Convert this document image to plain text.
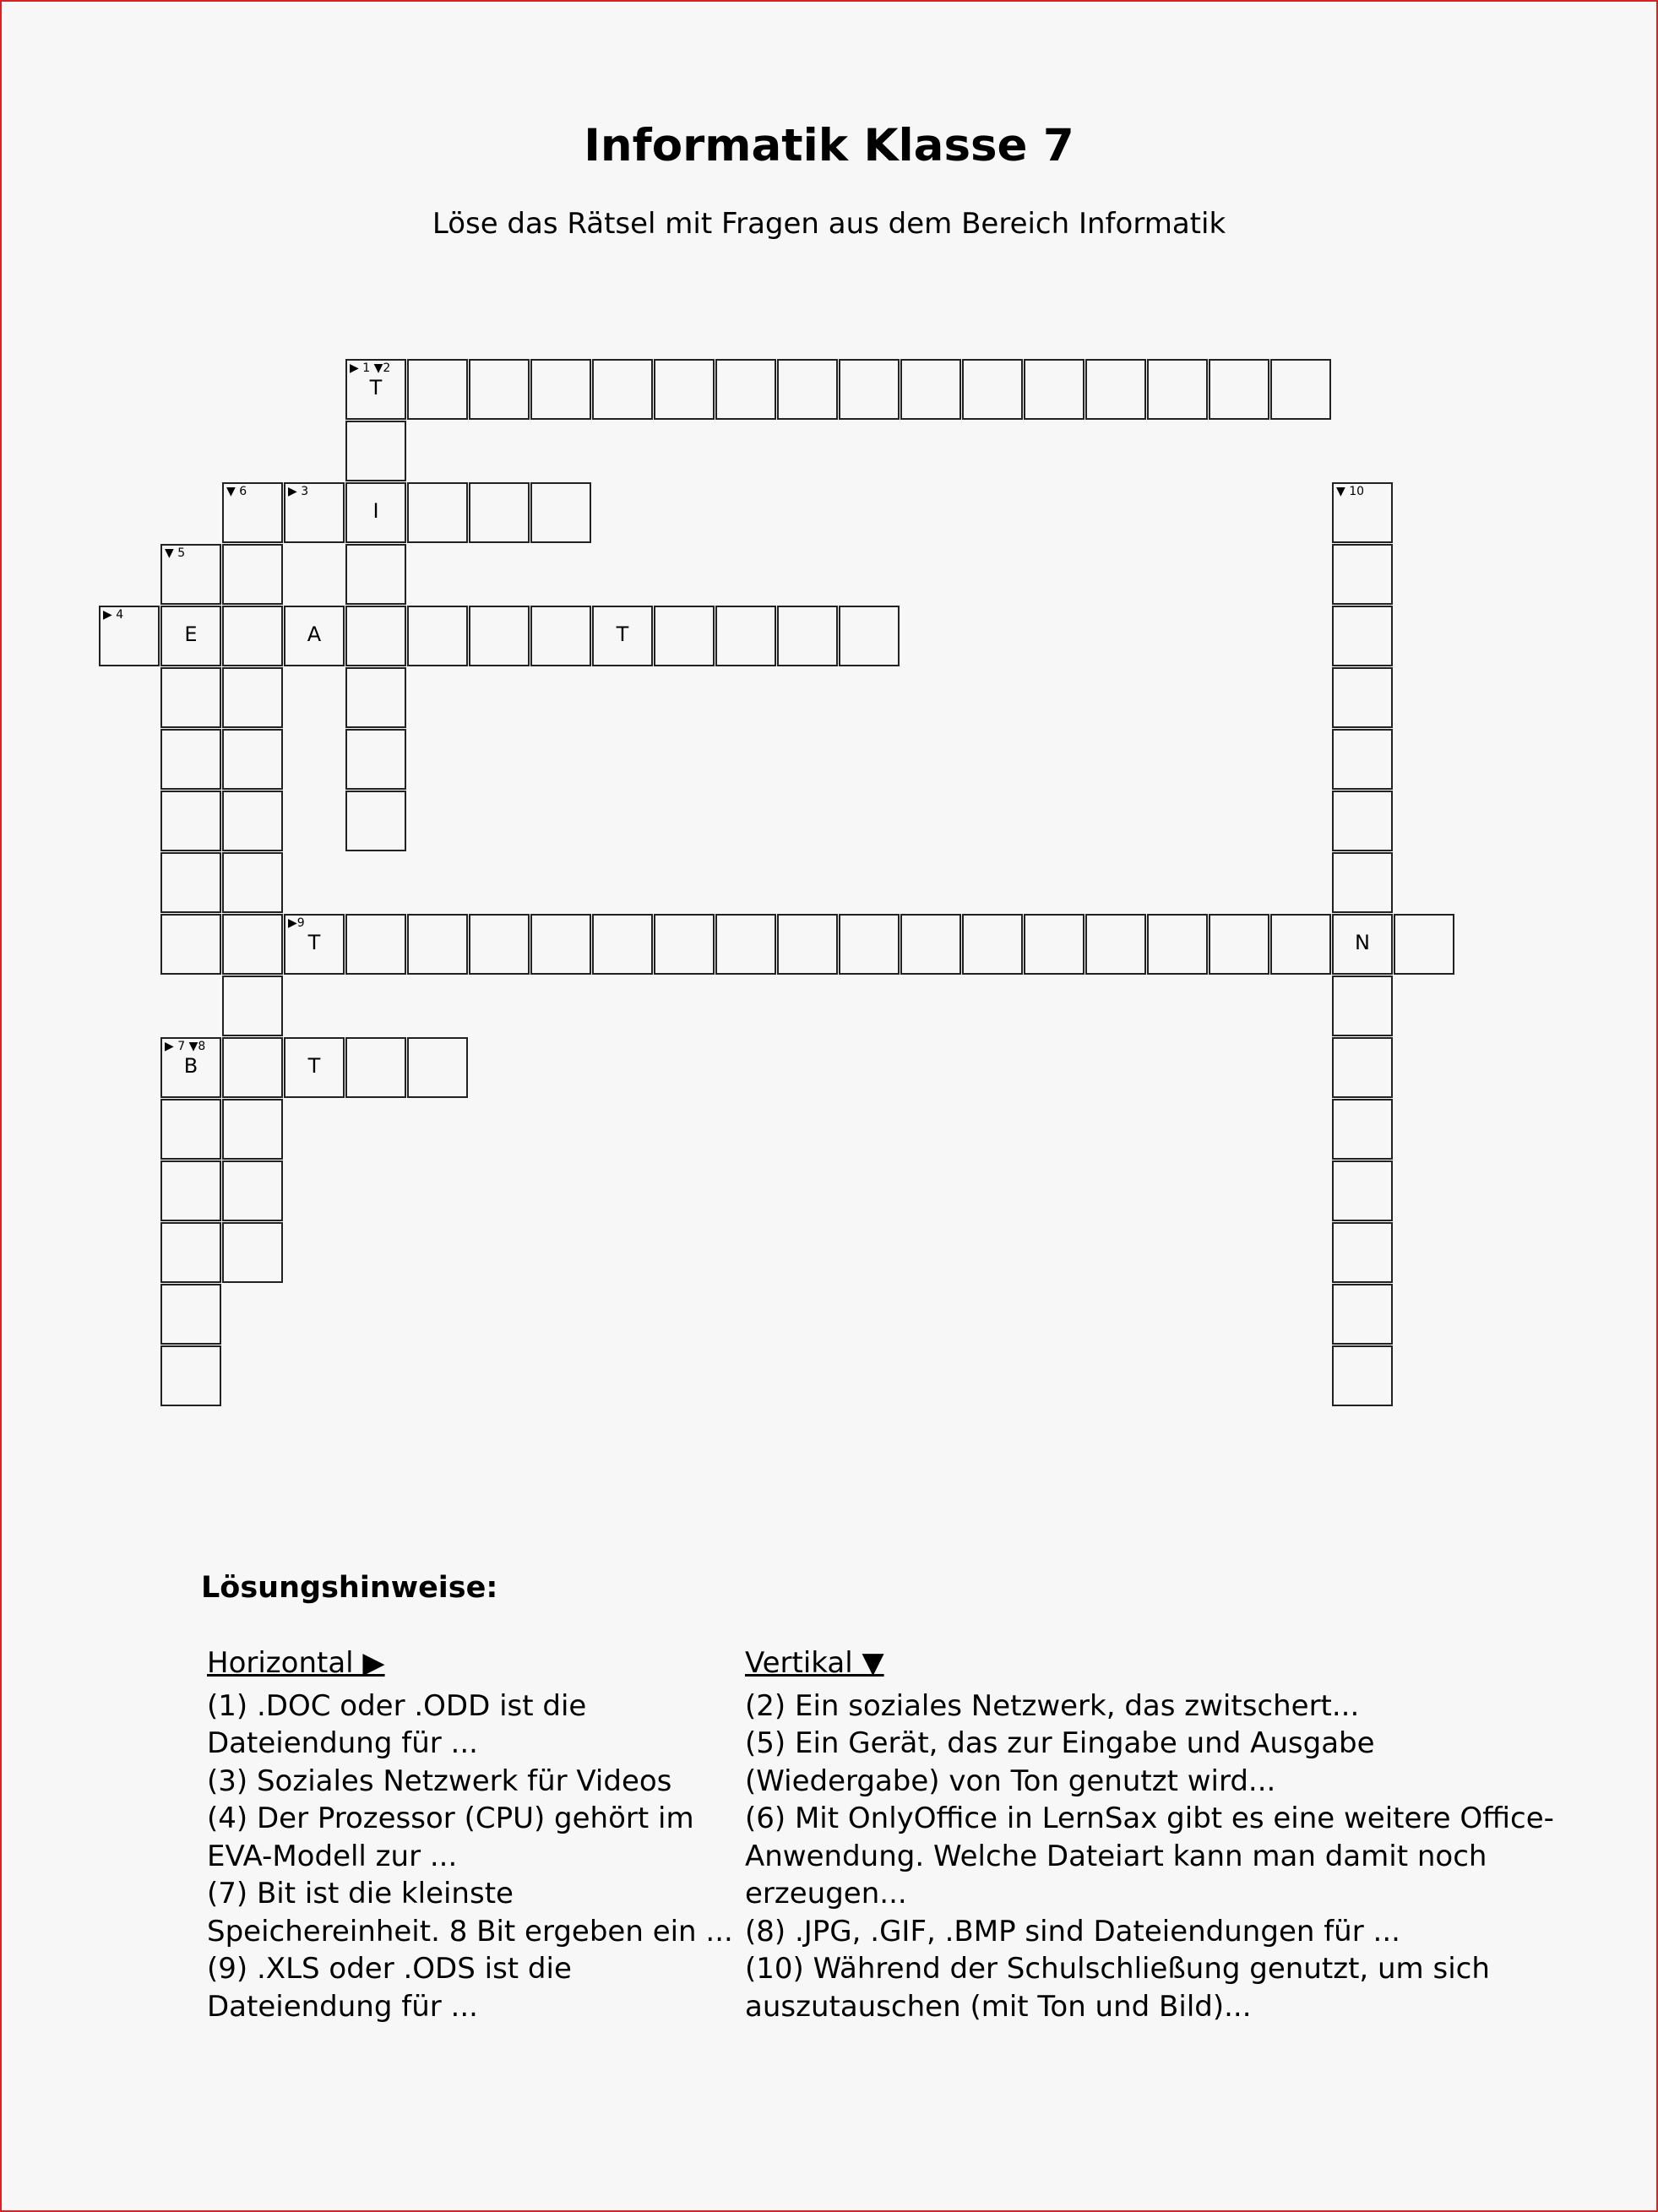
Informatik Klasse 7
Löse das Rätsel mit Fragen aus dem Bereich Informatik
T
▶ 1 ▼2
▶ 3
I
▼ 6
▼ 5
E
▶ 4
A	T
▼ 10
N
T
▶9
B
▶ 7 ▼8
T
Lösungshinweise:
Horizontal ▶
(1) .DOC oder .ODD ist die Dateiendung für ...
(3) Soziales Netzwerk für Videos
(4) Der Prozessor (CPU) gehört im EVA-Modell zur ...
(7) Bit ist die kleinste Speichereinheit. 8 Bit ergeben ein ...
(9) .XLS oder .ODS ist die Dateiendung für ...
Vertikal ▼
(2) Ein soziales Netzwerk, das zwitschert...
(5) Ein Gerät, das zur Eingabe und Ausgabe (Wiedergabe) von Ton genutzt wird...
(6) Mit OnlyOffice in LernSax gibt es eine weitere Office-Anwendung. Welche Dateiart kann man damit noch erzeugen...
(8) .JPG, .GIF, .BMP sind Dateiendungen für ...
(10) Während der Schulschließung genutzt, um sich auszutauschen (mit Ton und Bild)...
